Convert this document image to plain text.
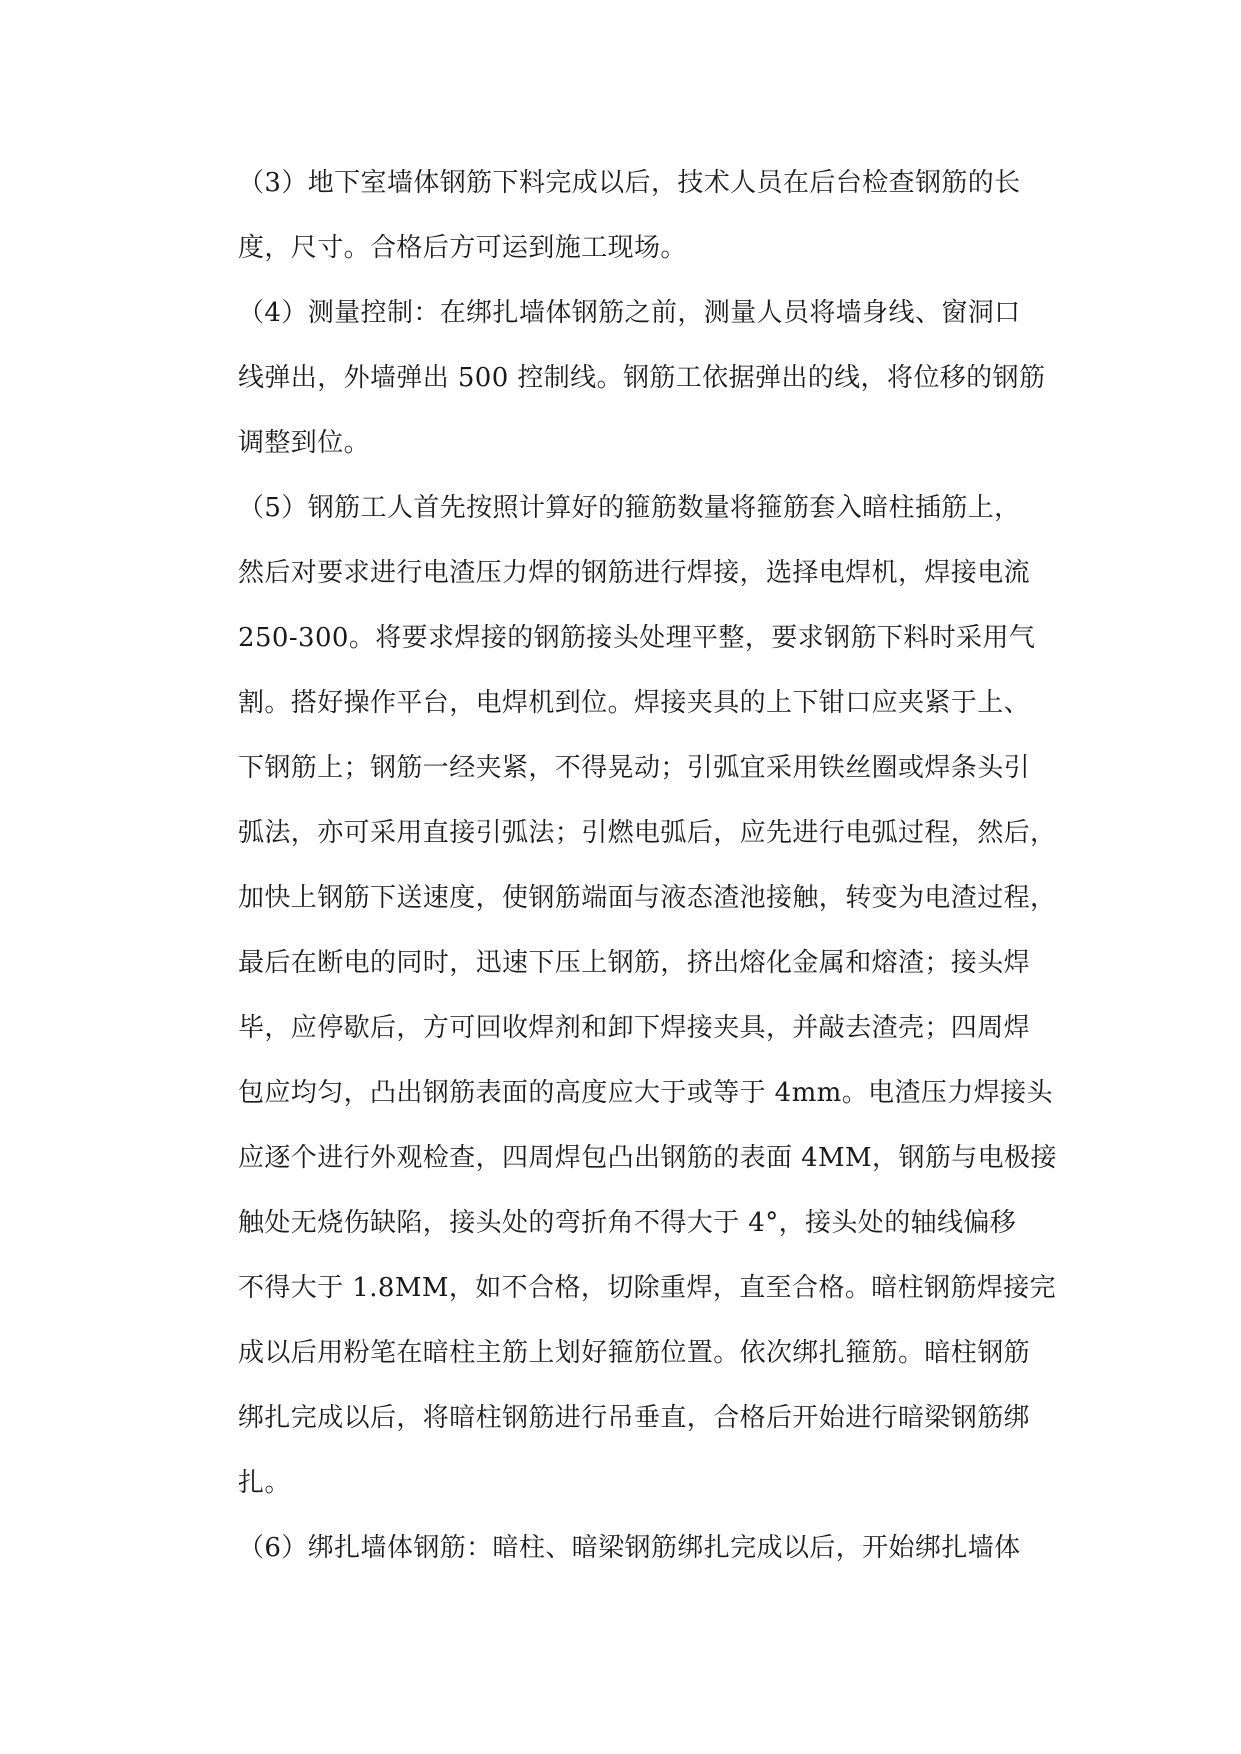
（3）地下室墙体钢筋下料完成以后，技术人员在后台检查钢筋的长
度，尺寸。合格后方可运到施工现场。
（4）测量控制：在绑扎墙体钢筋之前，测量人员将墙身线、窗洞口
线弹出，外墙弹出 500 控制线。钢筋工依据弹出的线，将位移的钢筋
调整到位。
（5）钢筋工人首先按照计算好的箍筋数量将箍筋套入暗柱插筋上，
然后对要求进行电渣压力焊的钢筋进行焊接，选择电焊机，焊接电流
250-300。将要求焊接的钢筋接头处理平整，要求钢筋下料时采用气
割。搭好操作平台，电焊机到位。焊接夹具的上下钳口应夹紧于上、
下钢筋上；钢筋一经夹紧，不得晃动；引弧宜采用铁丝圈或焊条头引
弧法，亦可采用直接引弧法；引燃电弧后，应先进行电弧过程，然后，
加快上钢筋下送速度，使钢筋端面与液态渣池接触，转变为电渣过程，
最后在断电的同时，迅速下压上钢筋，挤出熔化金属和熔渣；接头焊
毕，应停歇后，方可回收焊剂和卸下焊接夹具，并敲去渣壳；四周焊
包应均匀，凸出钢筋表面的高度应大于或等于 4mm。电渣压力焊接头
应逐个进行外观检查，四周焊包凸出钢筋的表面 4MM，钢筋与电极接
触处无烧伤缺陷，接头处的弯折角不得大于 4°，接头处的轴线偏移
不得大于 1.8MM，如不合格，切除重焊，直至合格。暗柱钢筋焊接完
成以后用粉笔在暗柱主筋上划好箍筋位置。依次绑扎箍筋。暗柱钢筋
绑扎完成以后，将暗柱钢筋进行吊垂直，合格后开始进行暗梁钢筋绑
扎。
（6）绑扎墙体钢筋：暗柱、暗梁钢筋绑扎完成以后，开始绑扎墙体
